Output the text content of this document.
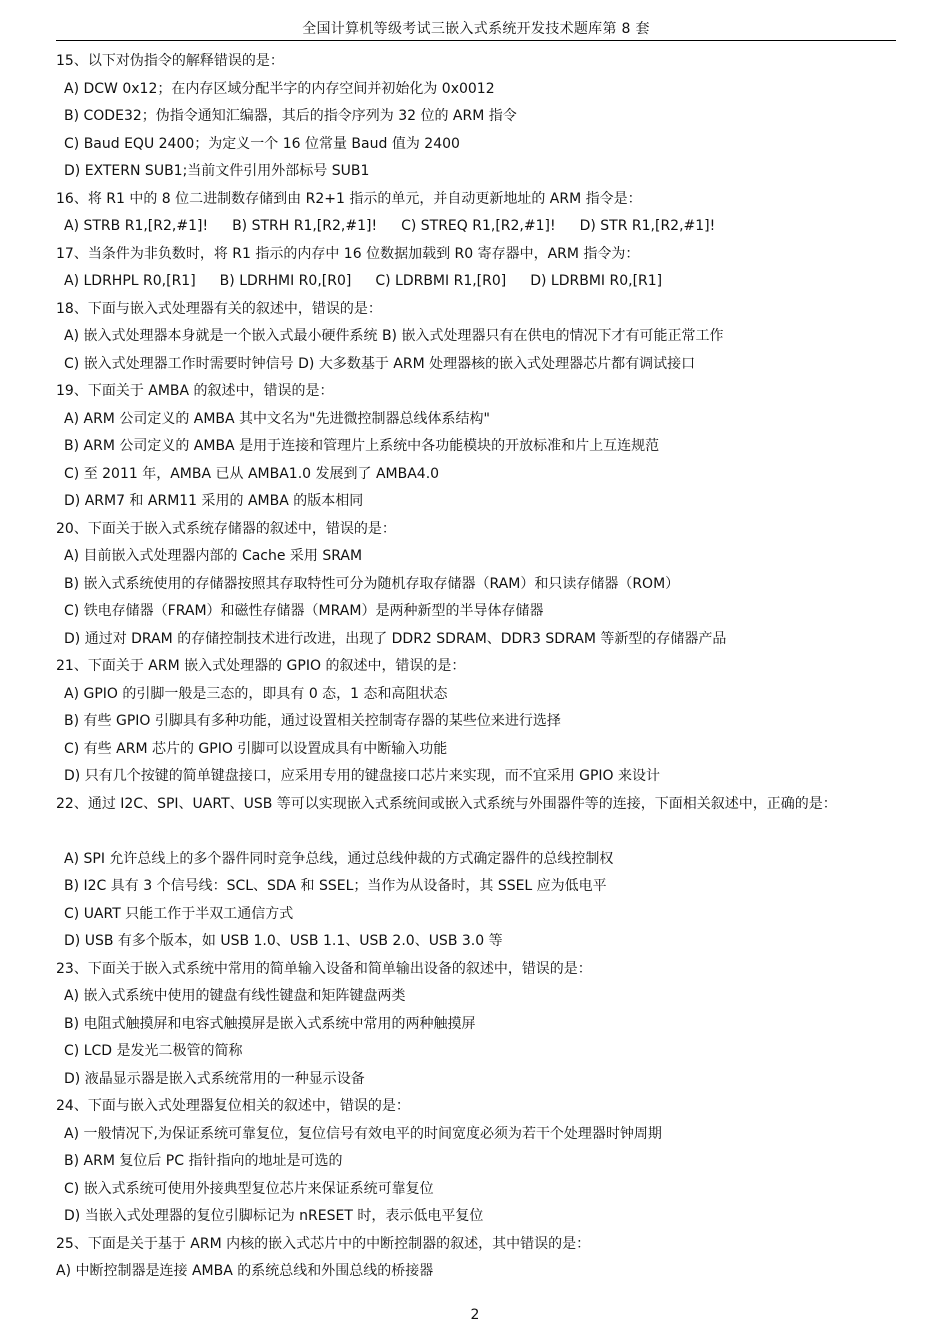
全国计算机等级考试三嵌入式系统开发技术题库第 8 套
15、以下对伪指令的解释错误的是：
A) DCW 0x12；在内存区域分配半字的内存空间并初始化为 0x0012
B) CODE32；伪指令通知汇编器，其后的指令序列为 32 位的 ARM 指令
C) Baud EQU 2400；为定义一个 16 位常量 Baud 值为 2400
D) EXTERN SUB1;当前文件引用外部标号 SUB1
16、将 R1 中的 8 位二进制数存储到由 R2+1 指示的单元，并自动更新地址的 ARM 指令是：
A) STRB R1,[R2,#1]! B) STRH R1,[R2,#1]! C) STREQ R1,[R2,#1]! D) STR R1,[R2,#1]!
17、当条件为非负数时，将 R1 指示的内存中 16 位数据加载到 R0 寄存器中，ARM 指令为：
A) LDRHPL R0,[R1] B) LDRHMI R0,[R0] C) LDRBMI R1,[R0] D) LDRBMI R0,[R1]
18、下面与嵌入式处理器有关的叙述中，错误的是：
A) 嵌入式处理器本身就是一个嵌入式最小硬件系统 B) 嵌入式处理器只有在供电的情况下才有可能正常工作
C) 嵌入式处理器工作时需要时钟信号 D) 大多数基于 ARM 处理器核的嵌入式处理器芯片都有调试接口
19、下面关于 AMBA 的叙述中，错误的是：
A) ARM 公司定义的 AMBA 其中文名为"先进微控制器总线体系结构"
B) ARM 公司定义的 AMBA 是用于连接和管理片上系统中各功能模块的开放标准和片上互连规范
C) 至 2011 年，AMBA 已从 AMBA1.0 发展到了 AMBA4.0
D) ARM7 和 ARM11 采用的 AMBA 的版本相同
20、下面关于嵌入式系统存储器的叙述中，错误的是：
A) 目前嵌入式处理器内部的 Cache 采用 SRAM
B) 嵌入式系统使用的存储器按照其存取特性可分为随机存取存储器（RAM）和只读存储器（ROM）
C) 铁电存储器（FRAM）和磁性存储器（MRAM）是两种新型的半导体存储器
D) 通过对 DRAM 的存储控制技术进行改进，出现了 DDR2 SDRAM、DDR3 SDRAM 等新型的存储器产品
21、下面关于 ARM 嵌入式处理器的 GPIO 的叙述中，错误的是：
A) GPIO 的引脚一般是三态的，即具有 0 态，1 态和高阻状态
B) 有些 GPIO 引脚具有多种功能，通过设置相关控制寄存器的某些位来进行选择
C) 有些 ARM 芯片的 GPIO 引脚可以设置成具有中断输入功能
D) 只有几个按键的简单键盘接口，应采用专用的键盘接口芯片来实现，而不宜采用 GPIO 来设计
22、通过 I2C、SPI、UART、USB 等可以实现嵌入式系统间或嵌入式系统与外围器件等的连接，下面相关叙述中，正确的是：
A) SPI 允许总线上的多个器件同时竞争总线，通过总线仲裁的方式确定器件的总线控制权
B) I2C 具有 3 个信号线：SCL、SDA 和 SSEL；当作为从设备时，其 SSEL 应为低电平
C) UART 只能工作于半双工通信方式
D) USB 有多个版本，如 USB 1.0、USB 1.1、USB 2.0、USB 3.0 等
23、下面关于嵌入式系统中常用的简单输入设备和简单输出设备的叙述中，错误的是：
A) 嵌入式系统中使用的键盘有线性键盘和矩阵键盘两类
B) 电阻式触摸屏和电容式触摸屏是嵌入式系统中常用的两种触摸屏
C) LCD 是发光二极管的简称
D) 液晶显示器是嵌入式系统常用的一种显示设备
24、下面与嵌入式处理器复位相关的叙述中，错误的是：
A) 一般情况下,为保证系统可靠复位，复位信号有效电平的时间宽度必须为若干个处理器时钟周期
B) ARM 复位后 PC 指针指向的地址是可选的
C) 嵌入式系统可使用外接典型复位芯片来保证系统可靠复位
D) 当嵌入式处理器的复位引脚标记为 nRESET 时，表示低电平复位
25、下面是关于基于 ARM 内核的嵌入式芯片中的中断控制器的叙述，其中错误的是：
A) 中断控制器是连接 AMBA 的系统总线和外围总线的桥接器
2
